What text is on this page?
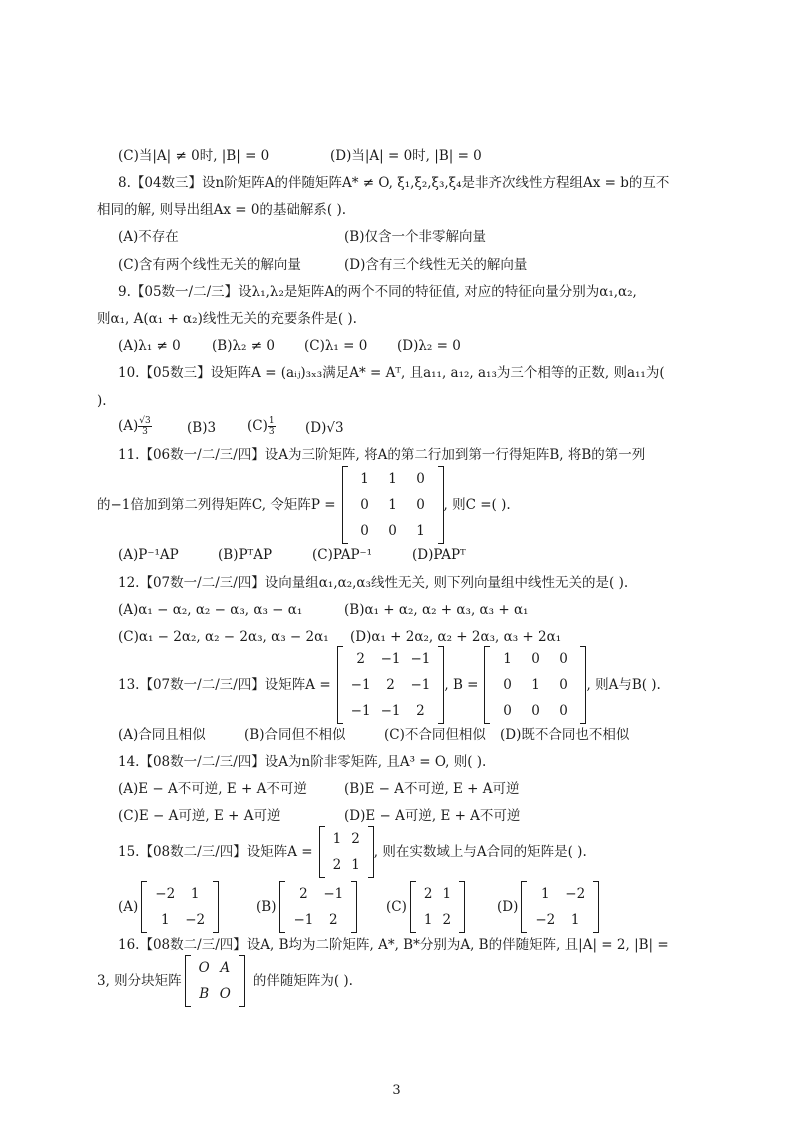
(C)当|A| ≠ 0时, |B| = 0	(D)当|A| = 0时, |B| = 0
8.【04数三】设n阶矩阵A的伴随矩阵A* ≠ O, ξ₁,ξ₂,ξ₃,ξ₄是非齐次线性方程组Ax = b的互不
相同的解, 则导出组Ax = 0的基础解系( ).
(A)不存在	(B)仅含一个非零解向量
(C)含有两个线性无关的解向量	(D)含有三个线性无关的解向量
9.【05数一/二/三】设λ₁,λ₂是矩阵A的两个不同的特征值, 对应的特征向量分别为α₁,α₂,
则α₁, A(α₁ + α₂)线性无关的充要条件是( ).
(A)λ₁ ≠ 0 (B)λ₂ ≠ 0 (C)λ₁ = 0 (D)λ₂ = 0
10.【05数三】设矩阵A = (aᵢⱼ)₃ₓ₃满足A* = Aᵀ, 且a₁₁, a₁₂, a₁₃为三个相等的正数, 则a₁₁为(
).
$(A) \frac{√3}{3}$	(B)3 $(C) \frac{1}{3} (D)√3$
11.【06数一/二/三/四】设A为三阶矩阵, 将A的第二行加到第一行得矩阵B, 将B的第一列
的−1倍加到第二列得矩阵C, 令矩阵P =
1	1	0
0	1	0
0	0	1
, 则C =( ).
(A)P⁻¹AP	(B)PᵀAP	(C)PAP⁻¹	(D)PAPᵀ
12.【07数一/二/三/四】设向量组α₁,α₂,α₃线性无关, 则下列向量组中线性无关的是( ).
(A)α₁ − α₂, α₂ − α₃, α₃ − α₁	(B)α₁ + α₂, α₂ + α₃, α₃ + α₁
(C)α₁ − 2α₂, α₂ − 2α₃, α₃ − 2α₁ (D)α₁ + 2α₂, α₂ + 2α₃, α₃ + 2α₁
13.【07数一/二/三/四】设矩阵A =
2	−1	−1
−1	2	−1
−1	−1	2
, B =
1	0	0
0	1	0
0	0	0
, 则A与B( ).
(A)合同且相似	(B)合同但不相似	(C)不合同但相似 (D)既不合同也不相似
14.【08数一/二/三/四】设A为n阶非零矩阵, 且A³ = O, 则( ).
(A)E − A不可逆, E + A不可逆	(B)E − A不可逆, E + A可逆
(C)E − A可逆, E + A可逆	(D)E − A可逆, E + A不可逆
15.【08数二/三/四】设矩阵A =
1	2
2	1
, 则在实数域上与A合同的矩阵是( ).
(A)
−2	1
1	−2
(B)
2	−1
−1	2
(C)
2	1
1	2
(D)
1	−2
−2	1
16.【08数二/三/四】设A, B均为二阶矩阵, A*, B*分别为A, B的伴随矩阵, 且|A| = 2, |B| =
3, 则分块矩阵
O	A
B	O
的伴随矩阵为( ).
3
